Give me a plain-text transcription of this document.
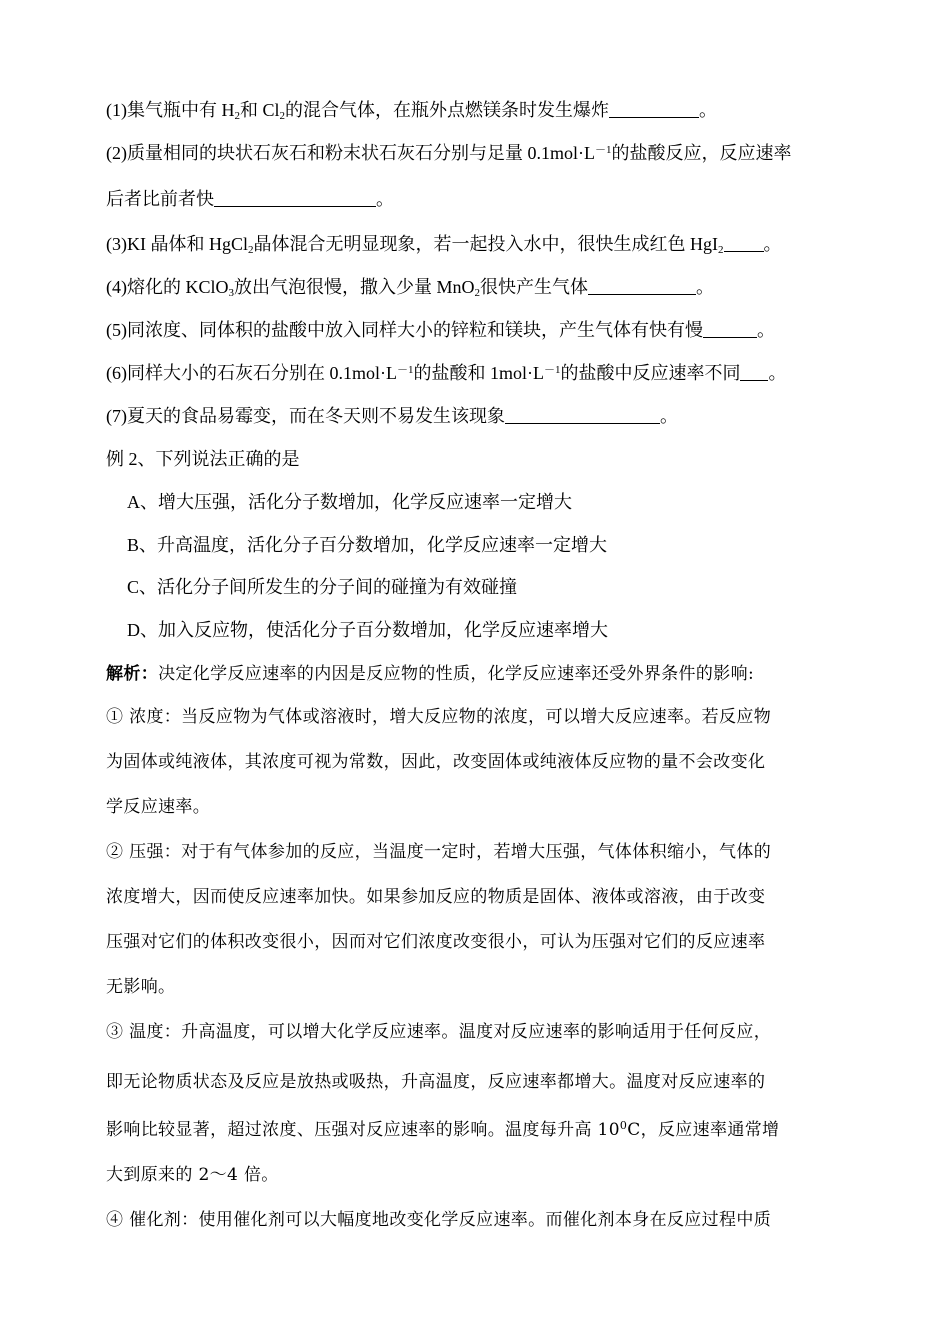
(1)集气瓶中有 $H_2$和 $Cl_2$的混合气体，在瓶外点燃镁条时发生爆炸	。
(2)质量相同的块状石灰石和粉末状石灰石分别与足量 $0.1mol\cdot L^{-1}$的盐酸反应，反应速率
后者比前者快	。
(3)KI 晶体和 HgCl$_2$晶体混合无明显现象，若一起投入水中，很快生成红色 HgI$_2$ 。
(4)熔化的 KClO$_3$放出气泡很慢，撒入少量 MnO$_2$很快产生气体	。
(5)同浓度、同体积的盐酸中放入同样大小的锌粒和镁块，产生气体有快有慢	。
(6)同样大小的石灰石分别在 $0.1mol\cdot L^{-1}$的盐酸和 $1mol\cdot L^{-1}$的盐酸中反应速率不同 。
(7)夏天的食品易霉变，而在冬天则不易发生该现象	。
例 2、下列说法正确的是
A、增大压强，活化分子数增加，化学反应速率一定增大
B、升高温度，活化分子百分数增加，化学反应速率一定增大
C、活化分子间所发生的分子间的碰撞为有效碰撞
D、加入反应物，使活化分子百分数增加，化学反应速率增大
解析：决定化学反应速率的内因是反应物的性质，化学反应速率还受外界条件的影响:
① 浓度：当反应物为气体或溶液时，增大反应物的浓度，可以增大反应速率。若反应物
为固体或纯液体，其浓度可视为常数，因此，改变固体或纯液体反应物的量不会改变化
学反应速率。
② 压强：对于有气体参加的反应，当温度一定时，若增大压强，气体体积缩小，气体的
浓度增大，因而使反应速率加快。如果参加反应的物质是固体、液体或溶液，由于改变
压强对它们的体积改变很小，因而对它们浓度改变很小，可认为压强对它们的反应速率
无影响。
③ 温度：升高温度，可以增大化学反应速率。温度对反应速率的影响适用于任何反应，
即无论物质状态及反应是放热或吸热，升高温度，反应速率都增大。温度对反应速率的
影响比较显著，超过浓度、压强对反应速率的影响。温度每升高 $10^0C$，反应速率通常增
大到原来的 2～4 倍。
④ 催化剂：使用催化剂可以大幅度地改变化学反应速率。而催化剂本身在反应过程中质
